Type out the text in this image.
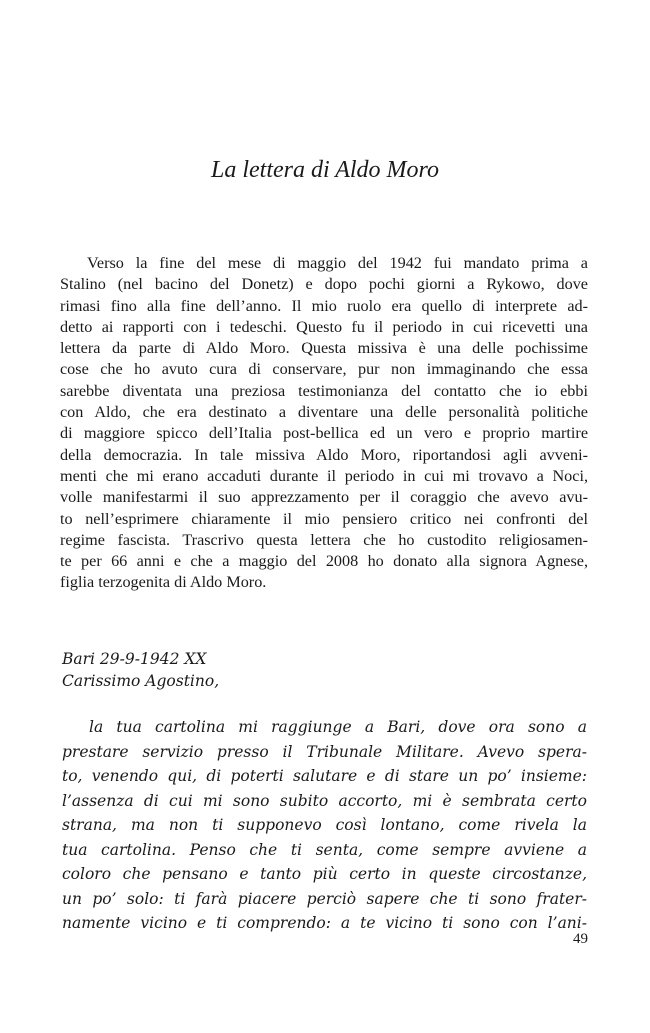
La lettera di Aldo Moro
Verso la fine del mese di maggio del 1942 fui mandato prima a
Stalino (nel bacino del Donetz) e dopo pochi giorni a Rykowo, dove
rimasi fino alla fine dell’anno. Il mio ruolo era quello di interprete ad-
detto ai rapporti con i tedeschi. Questo fu il periodo in cui ricevetti una
lettera da parte di Aldo Moro. Questa missiva è una delle pochissime
cose che ho avuto cura di conservare, pur non immaginando che essa
sarebbe diventata una preziosa testimonianza del contatto che io ebbi
con Aldo, che era destinato a diventare una delle personalità politiche
di maggiore spicco dell’Italia post-bellica ed un vero e proprio martire
della democrazia. In tale missiva Aldo Moro, riportandosi agli avveni-
menti che mi erano accaduti durante il periodo in cui mi trovavo a Noci,
volle manifestarmi il suo apprezzamento per il coraggio che avevo avu-
to nell’esprimere chiaramente il mio pensiero critico nei confronti del
regime fascista. Trascrivo questa lettera che ho custodito religiosamen-
te per 66 anni e che a maggio del 2008 ho donato alla signora Agnese,
figlia terzogenita di Aldo Moro.
Bari 29-9-1942 XX
Carissimo Agostino,
la tua cartolina mi raggiunge a Bari, dove ora sono a
prestare servizio presso il Tribunale Militare. Avevo spera-
to, venendo qui, di poterti salutare e di stare un po’ insieme:
l’assenza di cui mi sono subito accorto, mi è sembrata certo
strana, ma non ti supponevo così lontano, come rivela la
tua cartolina. Penso che ti senta, come sempre avviene a
coloro che pensano e tanto più certo in queste circostanze,
un po’ solo: ti farà piacere perciò sapere che ti sono frater-
namente vicino e ti comprendo: a te vicino ti sono con l’ani-
49
